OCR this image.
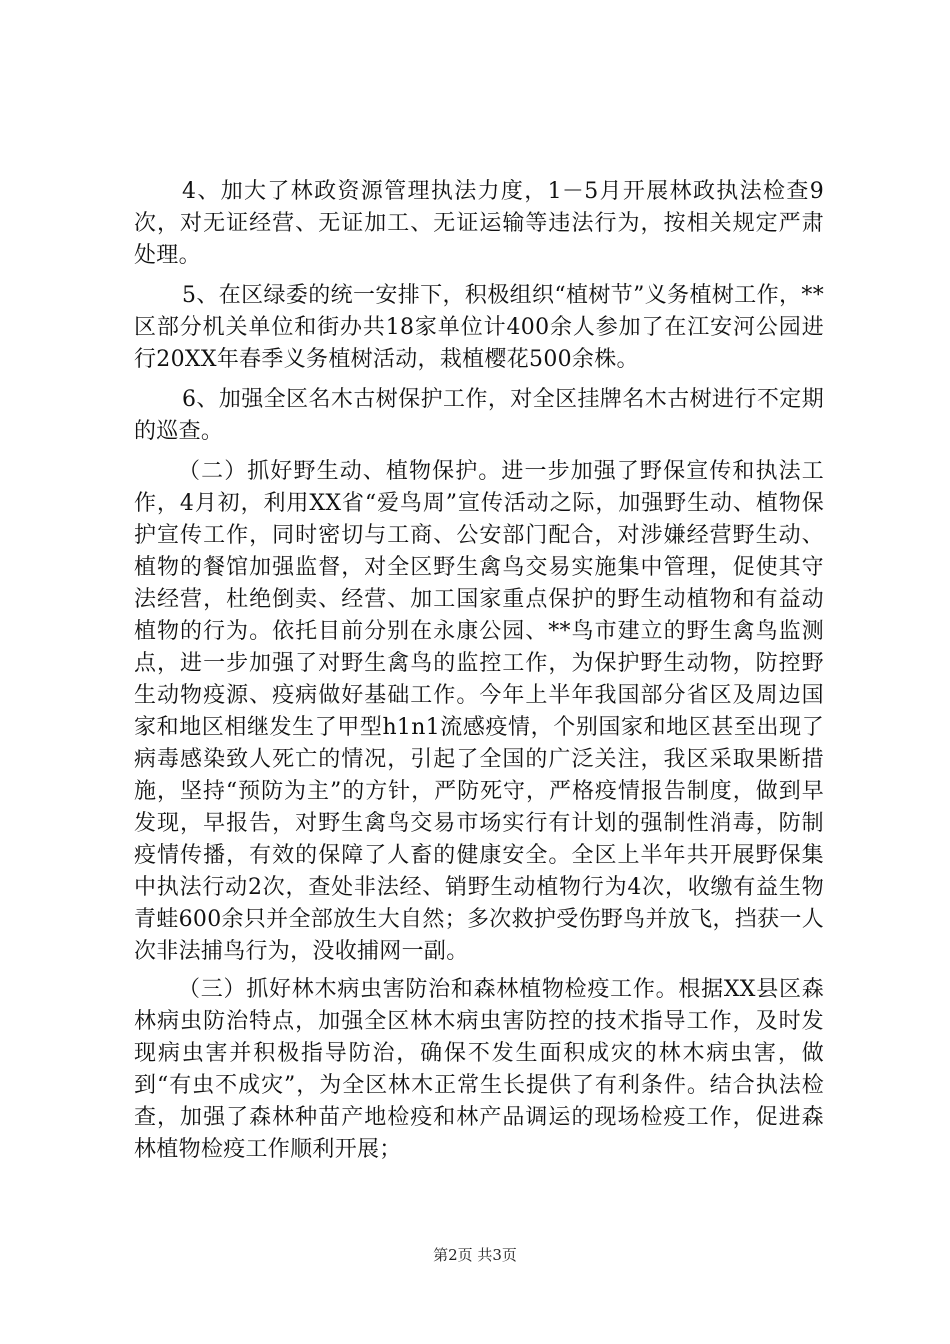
4、加大了林政资源管理执法力度，1－5月开展林政执法检查9次，对无证经营、无证加工、无证运输等违法行为，按相关规定严肃处理。

5、在区绿委的统一安排下，积极组织“植树节”义务植树工作，**区部分机关单位和街办共18家单位计400余人参加了在江安河公园进行20XX年春季义务植树活动，栽植樱花500余株。

6、加强全区名木古树保护工作，对全区挂牌名木古树进行不定期的巡查。

（二）抓好野生动、植物保护。进一步加强了野保宣传和执法工作，4月初，利用XX省“爱鸟周”宣传活动之际，加强野生动、植物保护宣传工作，同时密切与工商、公安部门配合，对涉嫌经营野生动、植物的餐馆加强监督，对全区野生禽鸟交易实施集中管理，促使其守法经营，杜绝倒卖、经营、加工国家重点保护的野生动植物和有益动植物的行为。依托目前分别在永康公园、**鸟市建立的野生禽鸟监测点，进一步加强了对野生禽鸟的监控工作，为保护野生动物，防控野生动物疫源、疫病做好基础工作。今年上半年我国部分省区及周边国家和地区相继发生了甲型h1n1流感疫情，个别国家和地区甚至出现了病毒感染致人死亡的情况，引起了全国的广泛关注，我区采取果断措施，坚持“预防为主”的方针，严防死守，严格疫情报告制度，做到早发现，早报告，对野生禽鸟交易市场实行有计划的强制性消毒，防制疫情传播，有效的保障了人畜的健康安全。全区上半年共开展野保集中执法行动2次，查处非法经、销野生动植物行为4次，收缴有益生物青蛙600余只并全部放生大自然；多次救护受伤野鸟并放飞，挡获一人次非法捕鸟行为，没收捕网一副。

（三）抓好林木病虫害防治和森林植物检疫工作。根据XX县区森林病虫防治特点，加强全区林木病虫害防控的技术指导工作，及时发现病虫害并积极指导防治，确保不发生面积成灾的林木病虫害，做到“有虫不成灾”，为全区林木正常生长提供了有利条件。结合执法检查，加强了森林种苗产地检疫和林产品调运的现场检疫工作，促进森林植物检疫工作顺利开展；

第2页 共3页
